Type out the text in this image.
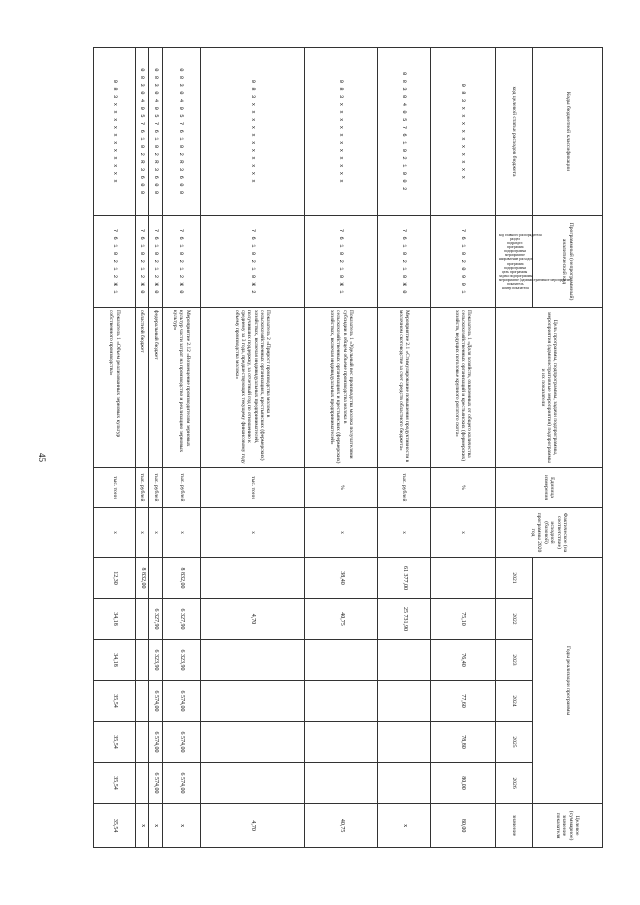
45
Коды бюджетной классификации	Программный (непрограммный) аналитический код	Цель программы, подпрограммы, задачи подпрограммы, мероприятия (административные мероприятия) подпрограммы и их показатели	Единица измерения	Фактическое (на соответствие) исходной (базовой) программы 2020 год	Годы реализации программы						Целевое (суммарное) значение показателя
код целевой статьи расходов бюджета	код главного распорядителяразделподразделпрограммаподпрограммамероприятиенаправление расходовпрограммаподпрограммацель программызадача подпрограммымероприятие (административное мероприятие)показательномер показателя				2021	2022	2023	2024	2025	2026	значение
0 8 3 x x x x x x x x x x	7 6 1 0 2 0 9 0 1	Показатель 1 «Доля хозяйств, охваченных от общего количества сельскохозяйственных организаций и крестьянских (фермерских) хозяйств, ведущих поголовье крупного рогатого скота»	%	x		75,10	76,40	77,60	78,80	80,00	80,00
0 8 3 0 4 0 5 7 6 1 0 2 1 0 0 2	7 6 1 0 2 1 0 Ж 0	Мероприятие 2.1 «Стимулирование повышения продуктивности в молочном скотоводстве за счет средств областного бюджета»	тыс. рублей	x	61 377,00	25 731,90					x
0 8 3 x x x x x x x x x x x	7 6 1 0 2 1 0 Ж 1	Показатель 1 «Удельный вес производства молока получателями субсидии в общем объеме производства молока в сельскохозяйственных организациях и крестьянских (фермерских) хозяйствах, включая индивидуальных предпринимателей»	%	x	38,40	40,75					40,75
0 8 3 x x x x x x x x x x x	7 6 1 0 2 1 0 Ж 2	Показатель 2 «Прирост производства молока в сельскохозяйственных организациях, крестьянских (фермерских) хозяйствах, включая индивидуальных предпринимателей, получивших поддержку, за отчетный год по отношению к среднему за 3 года, предшествующих текущему финансовому году объему производства молока»	тыс. тонн	x		4,70					4,70
0 8 3 0 4 0 5 7 6 1 0 2 R 3 6 0 0	7 6 1 0 2 1 2 Ж 0	Мероприятие 2.12 «Возмещение производителям зерновых культур части затрат на производство и реализацию зерновых культур»	тыс. рублей	x	8 832,00	6 327,90	6 323,90	6 574,00	6 574,00	6 574,00	x
0 8 3 0 4 0 5 7 6 1 0 2 R 3 6 0 0	7 6 1 0 2 1 2 Ж 0	федеральный бюджет	тыс. рублей	x		6 327,90	6 323,90	6 574,00	6 574,00	6 574,00	x
0 8 3 0 4 0 5 7 6 1 0 2 R 3 6 0 0	7 6 1 0 2 1 2 Ж 0	областной бюджет	тыс. рублей	x	8 832,00						x
0 8 3 x x x x x x x x x x x	7 6 1 0 2 1 2 Ж 1	Показатель 1 «Объем реализованных зерновых культур собственного производства»	тыс. тонн	x	12,30	34,18	34,18	35,54	35,54	35,54	35,54
